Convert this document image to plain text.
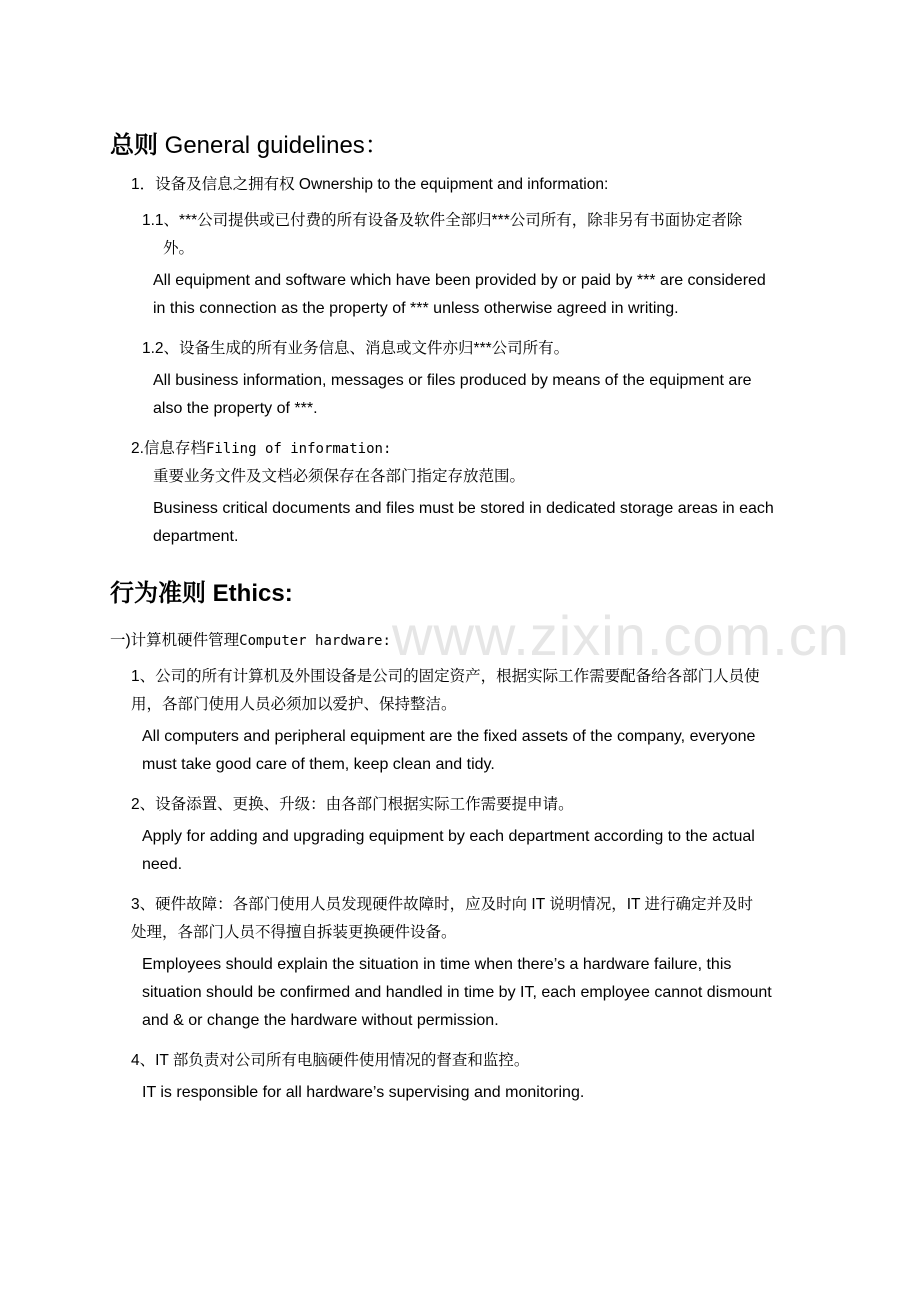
www.zixin.com.cn
总则 General guidelines：
1．设备及信息之拥有权 Ownership to the equipment and information:
1.1、***公司提供或已付费的所有设备及软件全部归***公司所有，除非另有书面协定者除
外。
All equipment and software which have been provided by or paid by *** are considered
in this connection as the property of *** unless otherwise agreed in writing.
1.2、设备生成的所有业务信息、消息或文件亦归***公司所有。
All business information, messages or files produced by means of the equipment are
also the property of ***.
2.信息存档Filing of information:
重要业务文件及文档必须保存在各部门指定存放范围。
Business critical documents and files must be stored in dedicated storage areas in each
department.
行为准则 Ethics:
一)计算机硬件管理Computer hardware:
1、公司的所有计算机及外围设备是公司的固定资产，根据实际工作需要配备给各部门人员使
用，各部门使用人员必须加以爱护、保持整洁。
All computers and peripheral equipment are the fixed assets of the company, everyone
must take good care of them, keep clean and tidy.
2、设备添置、更换、升级：由各部门根据实际工作需要提申请。
Apply for adding and upgrading equipment by each department according to the actual
need.
3、硬件故障：各部门使用人员发现硬件故障时，应及时向 IT 说明情况，IT 进行确定并及时
处理，各部门人员不得擅自拆装更换硬件设备。
Employees should explain the situation in time when there’s a hardware failure, this
situation should be confirmed and handled in time by IT, each employee cannot dismount
and & or change the hardware without permission.
4、IT 部负责对公司所有电脑硬件使用情况的督查和监控。
IT is responsible for all hardware’s supervising and monitoring.
